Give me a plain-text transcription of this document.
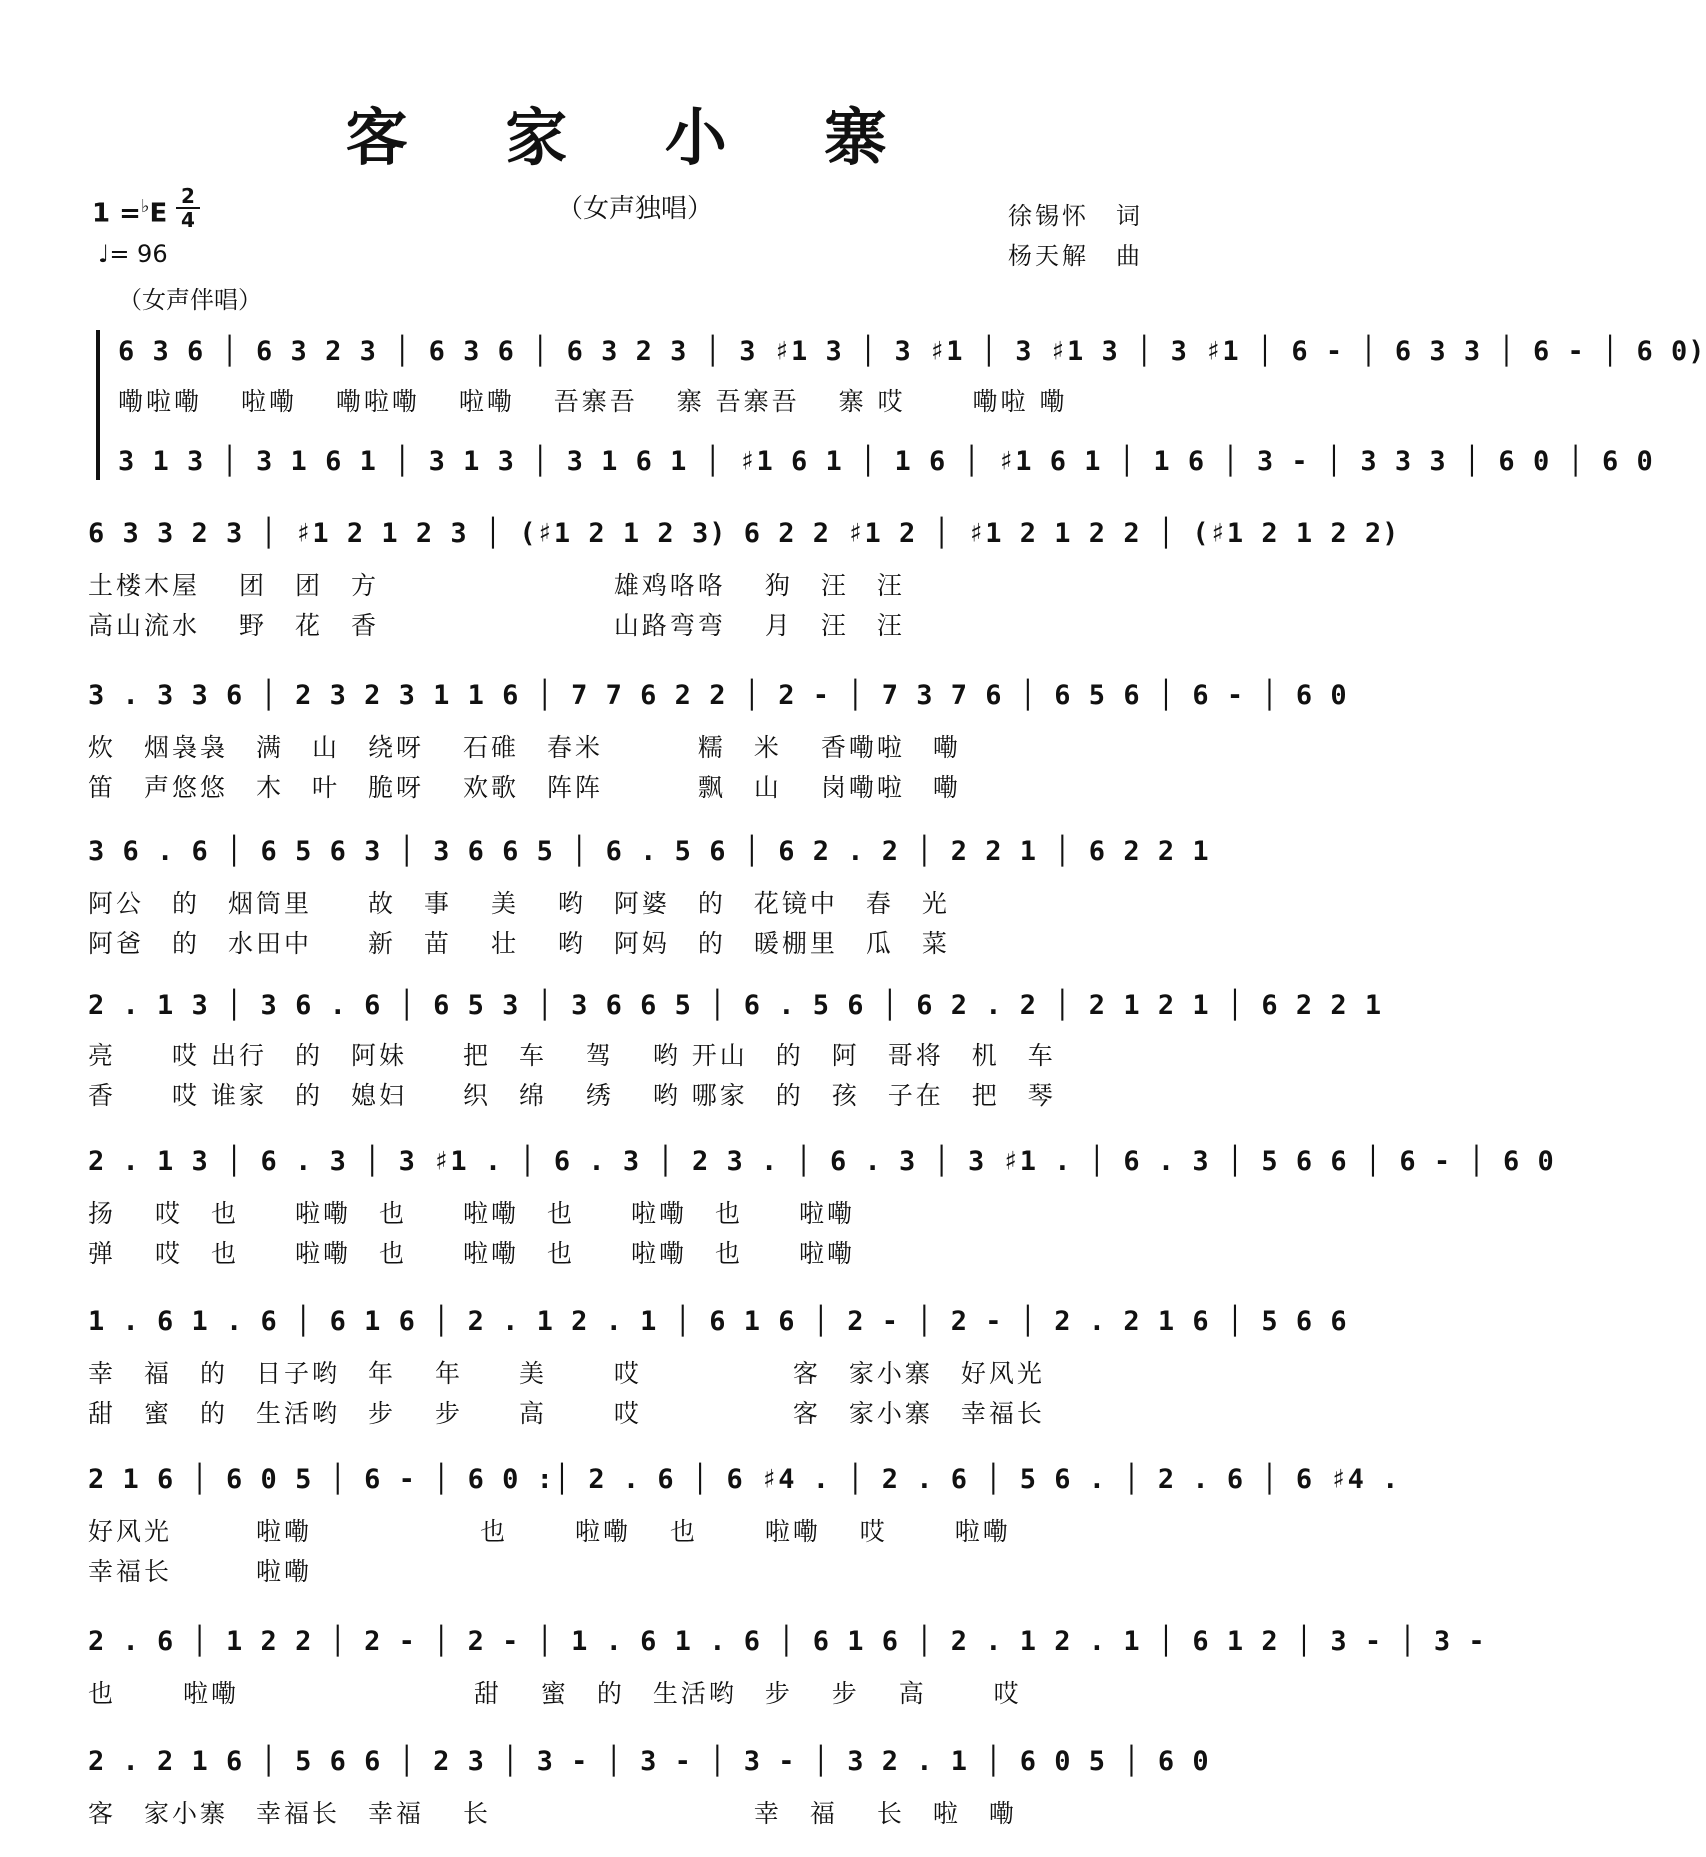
客 家 小 寨
（女声独唱）
1 =♭E
2
4
♩= 96
徐锡怀　词
杨天解　曲
（女声伴唱）
6 3 6 │ 6 3 2 3 │ 6 3 6 │ 6 3 2 3 │ 3 ♯1 3 │ 3 ♯1 │ 3 ♯1 3 │ 3 ♯1 │ 6 - │ 6 3 3 │ 6 - │ 6 0)
嘞啦嘞　 啦嘞　 嘞啦嘞　 啦嘞　 吾寨吾　 寨 吾寨吾　 寨 哎　　 嘞啦 嘞
3 1 3 │ 3 1 6 1 │ 3 1 3 │ 3 1 6 1 │ ♯1 6 1 │ 1 6 │ ♯1 6 1 │ 1 6 │ 3 - │ 3 3 3 │ 6 0 │ 6 0
6 3 3 2 3 │ ♯1 2 1 2 3 │ (♯1 2 1 2 3) 6 2 2 ♯1 2 │ ♯1 2 1 2 2 │ (♯1 2 1 2 2)
土楼木屋　 团　团　方　　　　　　　　 雄鸡咯咯　 狗　汪　汪
高山流水　 野　花　香　　　　　　　　 山路弯弯　 月　汪　汪
3 . 3 3 6 │ 2 3 2 3 1 1 6 │ 7 7 6 2 2 │ 2 - │ 7 3 7 6 │ 6 5 6 │ 6 - │ 6 0
炊　烟袅袅　满　山　绕呀　 石碓　春米　　　 糯　米　 香嘞啦　嘞
笛　声悠悠　木　叶　脆呀　 欢歌　阵阵　　　 飘　山　 岗嘞啦　嘞
3 6 . 6 │ 6 5 6 3 │ 3 6 6 5 │ 6 . 5 6 │ 6 2 . 2 │ 2 2 1 │ 6 2 2 1
阿公　的　烟筒里　　故　事　 美　 哟　阿婆　的　花镜中　春　光
阿爸　的　水田中　　新　苗　 壮　 哟　阿妈　的　暖棚里　瓜　菜
2 . 1 3 │ 3 6 . 6 │ 6 5 3 │ 3 6 6 5 │ 6 . 5 6 │ 6 2 . 2 │ 2 1 2 1 │ 6 2 2 1
亮　　哎 出行　的　阿妹　　把　车　 驾　 哟 开山　的　阿　哥将　机　车
香　　哎 谁家　的　媳妇　　织　绵　 绣　 哟 哪家　的　孩　子在　把　琴
2 . 1 3 │ 6 . 3 │ 3 ♯1 . │ 6 . 3 │ 2 3 . │ 6 . 3 │ 3 ♯1 . │ 6 . 3 │ 5 6 6 │ 6 - │ 6 0
扬　 哎　也　　啦嘞　也　　啦嘞　也　　啦嘞　也　　啦嘞
弹　 哎　也　　啦嘞　也　　啦嘞　也　　啦嘞　也　　啦嘞
1 . 6 1 . 6 │ 6 1 6 │ 2 . 1 2 . 1 │ 6 1 6 │ 2 - │ 2 - │ 2 . 2 1 6 │ 5 6 6
幸　福　的　日子哟　年　 年　　美　　 哎　　　　　 客　家小寨　好风光
甜　蜜　的　生活哟　步　 步　　高　　 哎　　　　　 客　家小寨　幸福长
2 1 6 │ 6 0 5 │ 6 - │ 6 0 :│ 2 . 6 │ 6 ♯4 . │ 2 . 6 │ 5 6 . │ 2 . 6 │ 6 ♯4 .
好风光　　　啦嘞　　　　　　也　　 啦嘞　 也　　 啦嘞　 哎　　 啦嘞
幸福长　　　啦嘞
2 . 6 │ 1 2 2 │ 2 - │ 2 - │ 1 . 6 1 . 6 │ 6 1 6 │ 2 . 1 2 . 1 │ 6 1 2 │ 3 - │ 3 -
也　　 啦嘞　　　　　　　　 甜　 蜜　的　生活哟　步　 步　 高　　 哎
2 . 2 1 6 │ 5 6 6 │ 2 3 │ 3 - │ 3 - │ 3 - │ 3 2 . 1 │ 6 0 5 │ 6 0
客　家小寨　幸福长　幸福　 长　　　　　　　　　 幸　福　 长　啦　嘞
